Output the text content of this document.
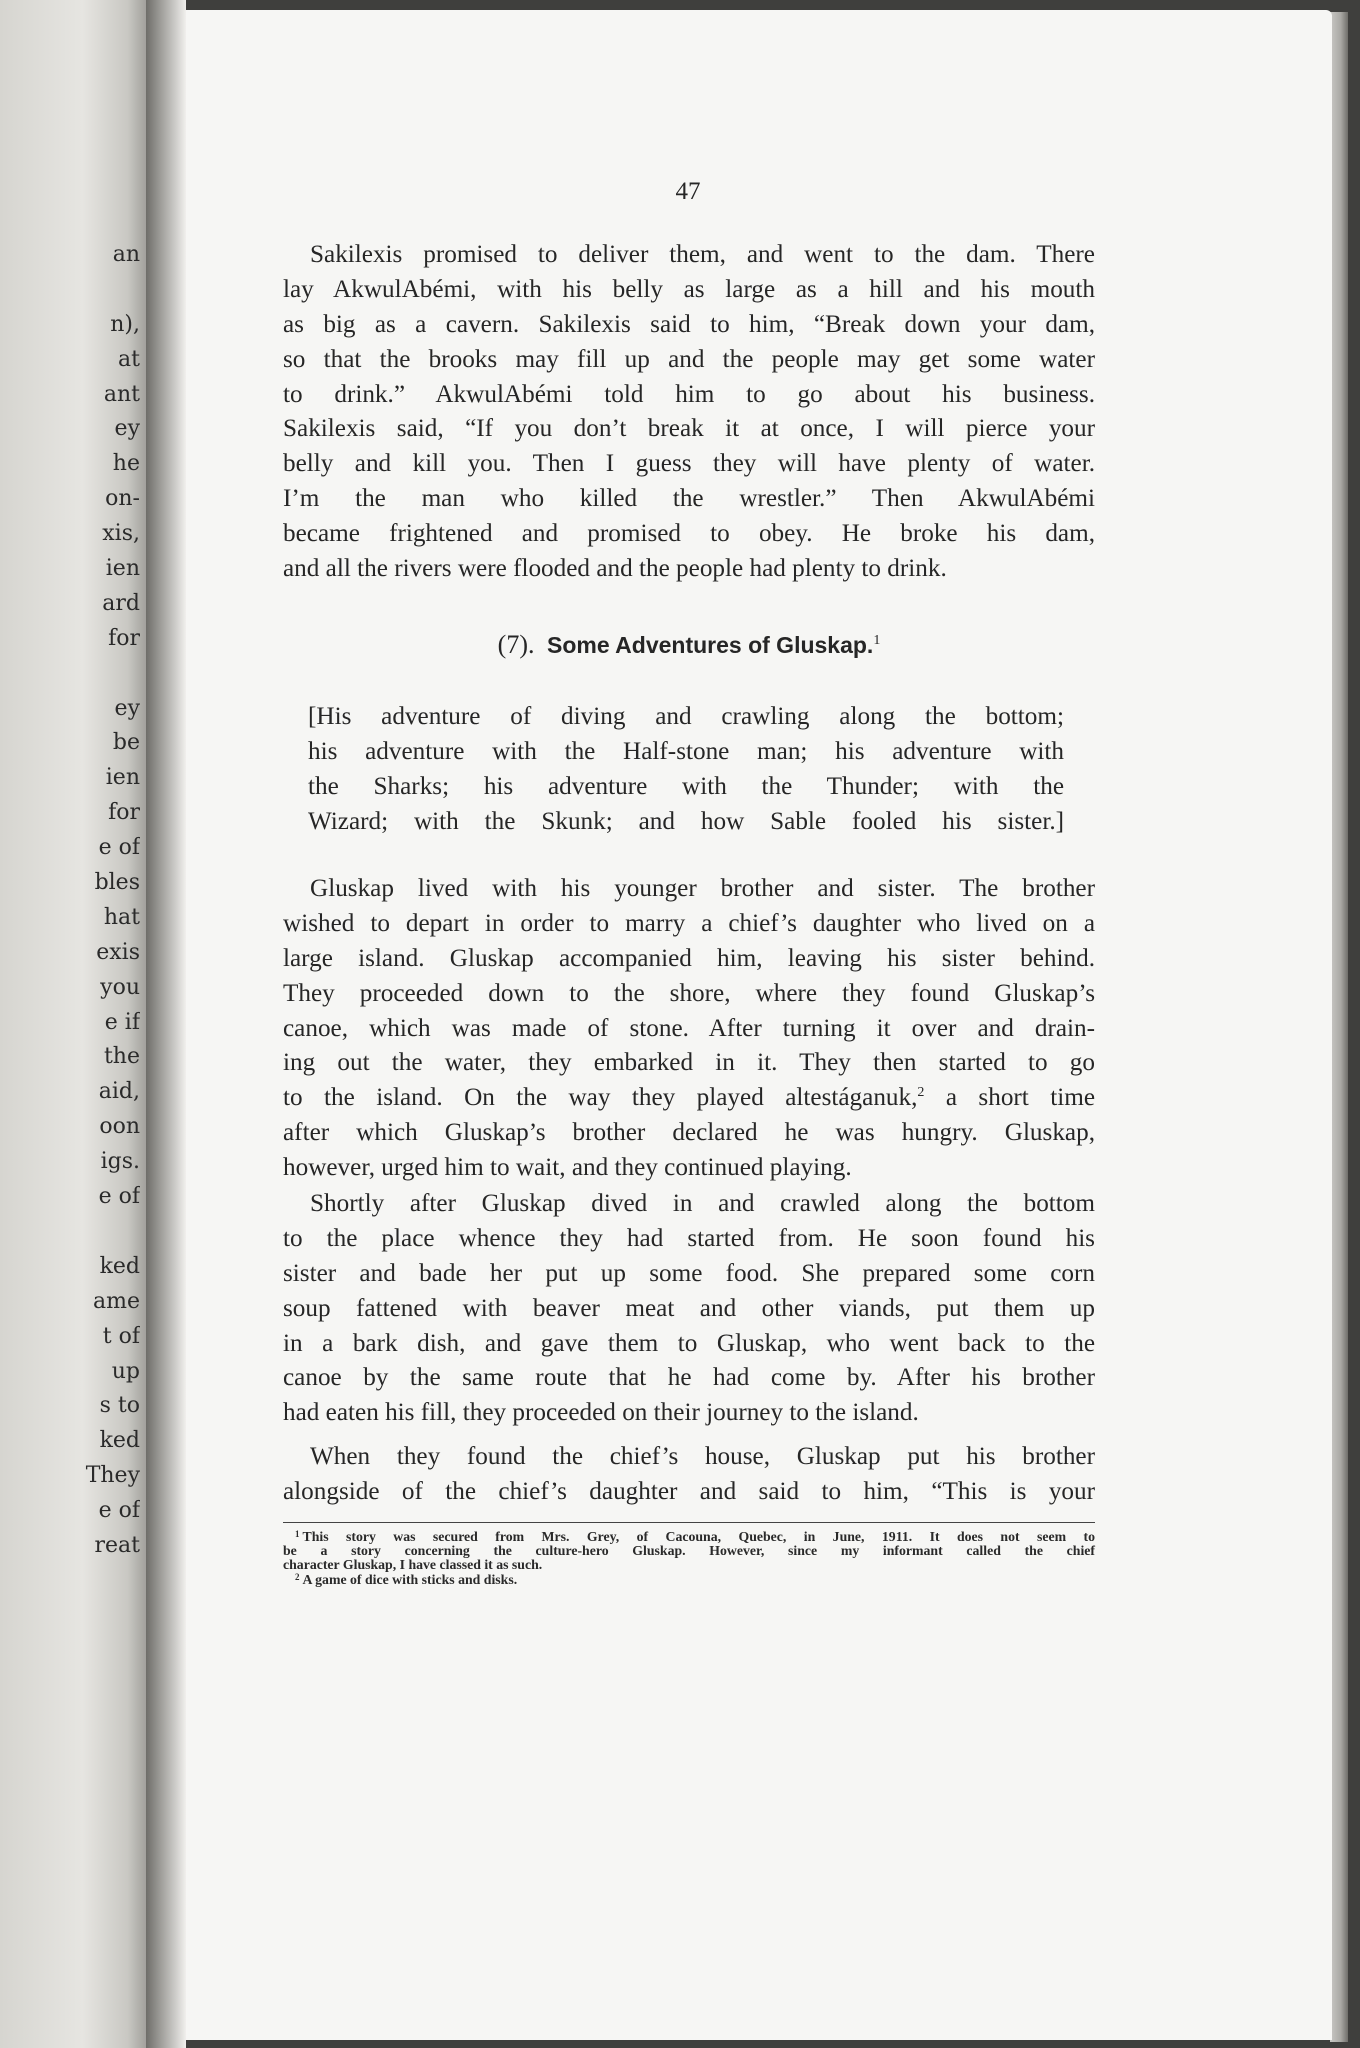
an
n),
at
ant
ey
he
on-
xis,
ien
ard
for
ey
be
ien
for
e of
bles
hat
exis
you
e if
the
aid,
oon
igs.
e of
ked
ame
t of
up
s to
ked
They
e of
reat
47
Sakilexis promised to deliver them, and went to the dam. There
lay AkwulAbémi, with his belly as large as a hill and his mouth
as big as a cavern. Sakilexis said to him, “Break down your dam,
so that the brooks may fill up and the people may get some water
to drink.” AkwulAbémi told him to go about his business.
Sakilexis said, “If you don’t break it at once, I will pierce your
belly and kill you. Then I guess they will have plenty of water.
I’m the man who killed the wrestler.” Then AkwulAbémi
became frightened and promised to obey. He broke his dam,
and all the rivers were flooded and the people had plenty to drink.
(7). Some Adventures of Gluskap.$^1$
[His adventure of diving and crawling along the bottom;
his adventure with the Half-stone man; his adventure with
the Sharks; his adventure with the Thunder; with the
Wizard; with the Skunk; and how Sable fooled his sister.]
Gluskap lived with his younger brother and sister. The brother
wished to depart in order to marry a chief’s daughter who lived on a
large island. Gluskap accompanied him, leaving his sister behind.
They proceeded down to the shore, where they found Gluskap’s
canoe, which was made of stone. After turning it over and drain-
ing out the water, they embarked in it. They then started to go
to the island. On the way they played altestáganuk,$^2$ a short time
after which Gluskap’s brother declared he was hungry. Gluskap,
however, urged him to wait, and they continued playing.
Shortly after Gluskap dived in and crawled along the bottom
to the place whence they had started from. He soon found his
sister and bade her put up some food. She prepared some corn
soup fattened with beaver meat and other viands, put them up
in a bark dish, and gave them to Gluskap, who went back to the
canoe by the same route that he had come by. After his brother
had eaten his fill, they proceeded on their journey to the island.
When they found the chief’s house, Gluskap put his brother
alongside of the chief’s daughter and said to him, “This is your
$^1$ This story was secured from Mrs. Grey, of Cacouna, Quebec, in June, 1911. It does not seem to
be a story concerning the culture-hero Gluskap. However, since my informant called the chief
character Gluskap, I have classed it as such.
$^2$ A game of dice with sticks and disks.
